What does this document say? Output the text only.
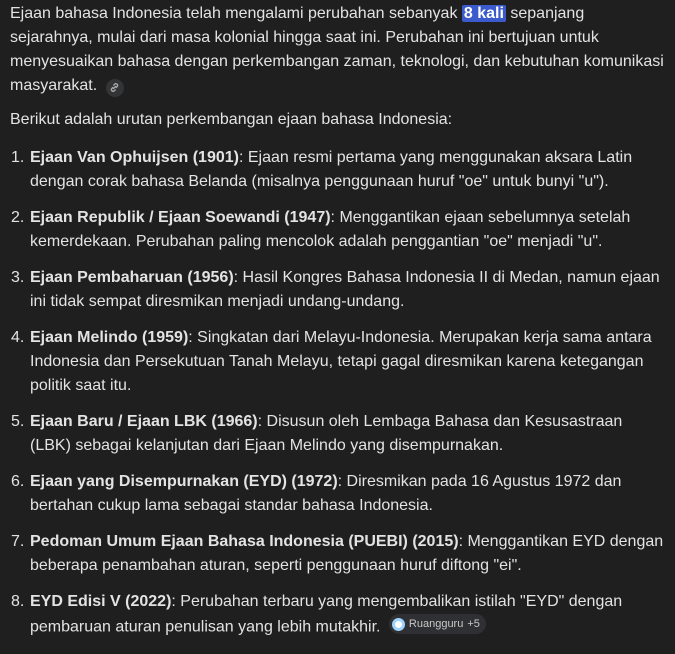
Ejaan bahasa Indonesia telah mengalami perubahan sebanyak 8 kali sepanjang sejarahnya, mulai dari masa kolonial hingga saat ini. Perubahan ini bertujuan untuk menyesuaikan bahasa dengan perkembangan zaman, teknologi, dan kebutuhan komunikasi masyarakat.

Berikut adalah urutan perkembangan ejaan bahasa Indonesia:

1. Ejaan Van Ophuijsen (1901): Ejaan resmi pertama yang menggunakan aksara Latin dengan corak bahasa Belanda (misalnya penggunaan huruf "oe" untuk bunyi "u").
2. Ejaan Republik / Ejaan Soewandi (1947): Menggantikan ejaan sebelumnya setelah kemerdekaan. Perubahan paling mencolok adalah penggantian "oe" menjadi "u".
3. Ejaan Pembaharuan (1956): Hasil Kongres Bahasa Indonesia II di Medan, namun ejaan ini tidak sempat diresmikan menjadi undang-undang.
4. Ejaan Melindo (1959): Singkatan dari Melayu-Indonesia. Merupakan kerja sama antara Indonesia dan Persekutuan Tanah Melayu, tetapi gagal diresmikan karena ketegangan politik saat itu.
5. Ejaan Baru / Ejaan LBK (1966): Disusun oleh Lembaga Bahasa dan Kesusastraan (LBK) sebagai kelanjutan dari Ejaan Melindo yang disempurnakan.
6. Ejaan yang Disempurnakan (EYD) (1972): Diresmikan pada 16 Agustus 1972 dan bertahan cukup lama sebagai standar bahasa Indonesia.
7. Pedoman Umum Ejaan Bahasa Indonesia (PUEBI) (2015): Menggantikan EYD dengan beberapa penambahan aturan, seperti penggunaan huruf diftong "ei".
8. EYD Edisi V (2022): Perubahan terbaru yang mengembalikan istilah "EYD" dengan pembaruan aturan penulisan yang lebih mutakhir.	Ruangguru +5
